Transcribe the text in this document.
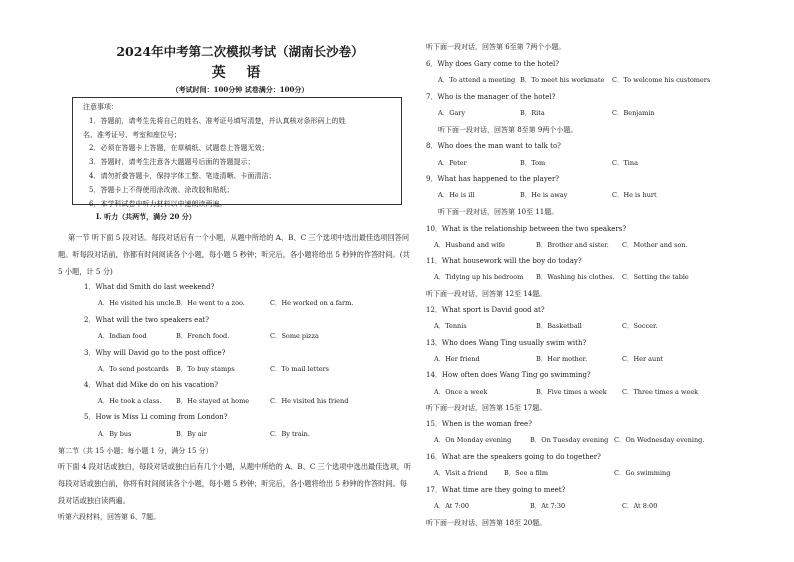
2024年中考第二次模拟考试（湖南长沙卷）
英 语
（考试时间：100分钟 试卷满分：100分）
注意事项：
1．答题前，请考生先将自己的姓名、准考证号填写清楚，并认真核对条形码上的姓
名、准考证号、考室和座位号；
2．必须在答题卡上答题，在草稿纸、试题卷上答题无效；
3．答题时，请考生注意各大题题号后面的答题提示；
4．请勿折叠答题卡，保持字体工整、笔迹清晰、卡面清洁；
5．答题卡上不得使用涂改液、涂改胶和贴纸；
6．本学科试卷中听力材料以中速朗读两遍。
Ⅰ. 听力（共两节，满分 20 分）
第一节 听下面 5 段对话。每段对话后有一个小题，从题中所给的 A、B、C 三个选项中选出最佳选项回答问题。听每段对话前，你都有时间阅读各个小题，每小题 5 秒钟；听完后，各小题将给出 5 秒钟的作答时间。(共 5 小题，计 5 分)
1．What did Smith do last weekend?
A．He visited his uncle. B．He went to a zoo.	C．He worked on a farm.
2．What will the two speakers eat?
A．Indian food	B．French food.	C．Some pizza
3．Why will David go to the post office?
A．To send postcards B．To buy stamps	C．To mail letters
4．What did Mike do on his vacation?
A．He took a class. B．He stayed at home	C．He visited his friend
5．How is Miss Li coming from London?
A．By bus	B．By air	C．By train.
第二节（共 15 小题；每小题 1 分，满分 15 分）
听下面 4 段对话或独白，每段对话或独白后有几个小题，从题中所给的 A、B、C 三个选项中选出最佳选项，听每段对话或独白前，你将有时间阅读各个小题，每小题 5 秒钟；听完后，各小题将给出 5 秒钟的作答时间。每段对话或独白读两遍。
听第六段材料，回答第 6、7题。
听下面一段对话，回答第 6至第 7两个小题。
6．Why does Gary come to the hotel?
A．To attend a meeting B．To meet his workmate C．To welcome his customers
7．Who is the manager of the hotel?
A．Gary	B．Rita	C．Benjamin
听下面一段对话，回答第 8至第 9两个小题。
8．Who does the man want to talk to?
A．Peter	B．Tom	C．Tina
9．What has happened to the player?
A．He is ill	B．He is away	C．He is hurt
听下面一段对话，回答第 10至 11题。
10．What is the relationship between the two speakers?
A．Husband and wife	B．Brother and sister. C．Mother and son.
11．What housework will the boy do today?
A．Tidying up his bedroom B．Washing his clothes. C．Setting the table
听下面一段对话，回答第 12至 14题。
12．What sport is David good at?
A．Tennis	B．Basketball	C．Soccer.
13．Who does Wang Ting usually swim with?
A．Her friend	B．Her mother.	C．Her aunt
14．How often does Wang Ting go swimming?
A．Once a week	B．Five times a week C．Three times a week
听下面一段对话，回答第 15至 17题。
15．When is the woman free?
A．On Monday evening	B．On Tuesday evening C．On Wednesday evening.
16．What are the speakers going to do together?
A．Visit a friend	B．See a film	C．Go swimming
17．What time are they going to meet?
A．At 7:00	B．At 7:30	C．At 8:00
听下面一段对话，回答第 18至 20题。
